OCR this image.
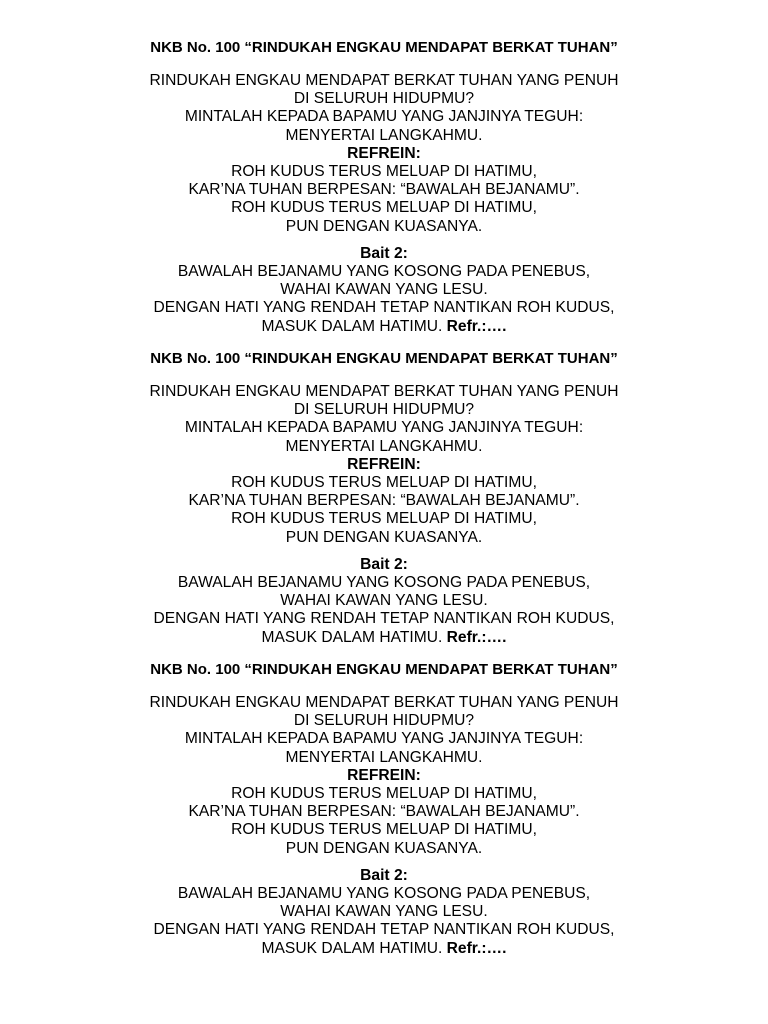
NKB No. 100 “RINDUKAH ENGKAU MENDAPAT BERKAT TUHAN”
RINDUKAH ENGKAU MENDAPAT BERKAT TUHAN YANG PENUH
DI SELURUH HIDUPMU?
MINTALAH KEPADA BAPAMU YANG JANJINYA TEGUH:
MENYERTAI LANGKAHMU.
REFREIN:
ROH KUDUS TERUS MELUAP DI HATIMU,
KAR’NA TUHAN BERPESAN: “BAWALAH BEJANAMU”.
ROH KUDUS TERUS MELUAP DI HATIMU,
PUN DENGAN KUASANYA.
Bait 2:
BAWALAH BEJANAMU YANG KOSONG PADA PENEBUS,
WAHAI KAWAN YANG LESU.
DENGAN HATI YANG RENDAH TETAP NANTIKAN ROH KUDUS,
MASUK DALAM HATIMU. Refr.:….
NKB No. 100 “RINDUKAH ENGKAU MENDAPAT BERKAT TUHAN”
RINDUKAH ENGKAU MENDAPAT BERKAT TUHAN YANG PENUH
DI SELURUH HIDUPMU?
MINTALAH KEPADA BAPAMU YANG JANJINYA TEGUH:
MENYERTAI LANGKAHMU.
REFREIN:
ROH KUDUS TERUS MELUAP DI HATIMU,
KAR’NA TUHAN BERPESAN: “BAWALAH BEJANAMU”.
ROH KUDUS TERUS MELUAP DI HATIMU,
PUN DENGAN KUASANYA.
Bait 2:
BAWALAH BEJANAMU YANG KOSONG PADA PENEBUS,
WAHAI KAWAN YANG LESU.
DENGAN HATI YANG RENDAH TETAP NANTIKAN ROH KUDUS,
MASUK DALAM HATIMU. Refr.:….
NKB No. 100 “RINDUKAH ENGKAU MENDAPAT BERKAT TUHAN”
RINDUKAH ENGKAU MENDAPAT BERKAT TUHAN YANG PENUH
DI SELURUH HIDUPMU?
MINTALAH KEPADA BAPAMU YANG JANJINYA TEGUH:
MENYERTAI LANGKAHMU.
REFREIN:
ROH KUDUS TERUS MELUAP DI HATIMU,
KAR’NA TUHAN BERPESAN: “BAWALAH BEJANAMU”.
ROH KUDUS TERUS MELUAP DI HATIMU,
PUN DENGAN KUASANYA.
Bait 2:
BAWALAH BEJANAMU YANG KOSONG PADA PENEBUS,
WAHAI KAWAN YANG LESU.
DENGAN HATI YANG RENDAH TETAP NANTIKAN ROH KUDUS,
MASUK DALAM HATIMU. Refr.:….
